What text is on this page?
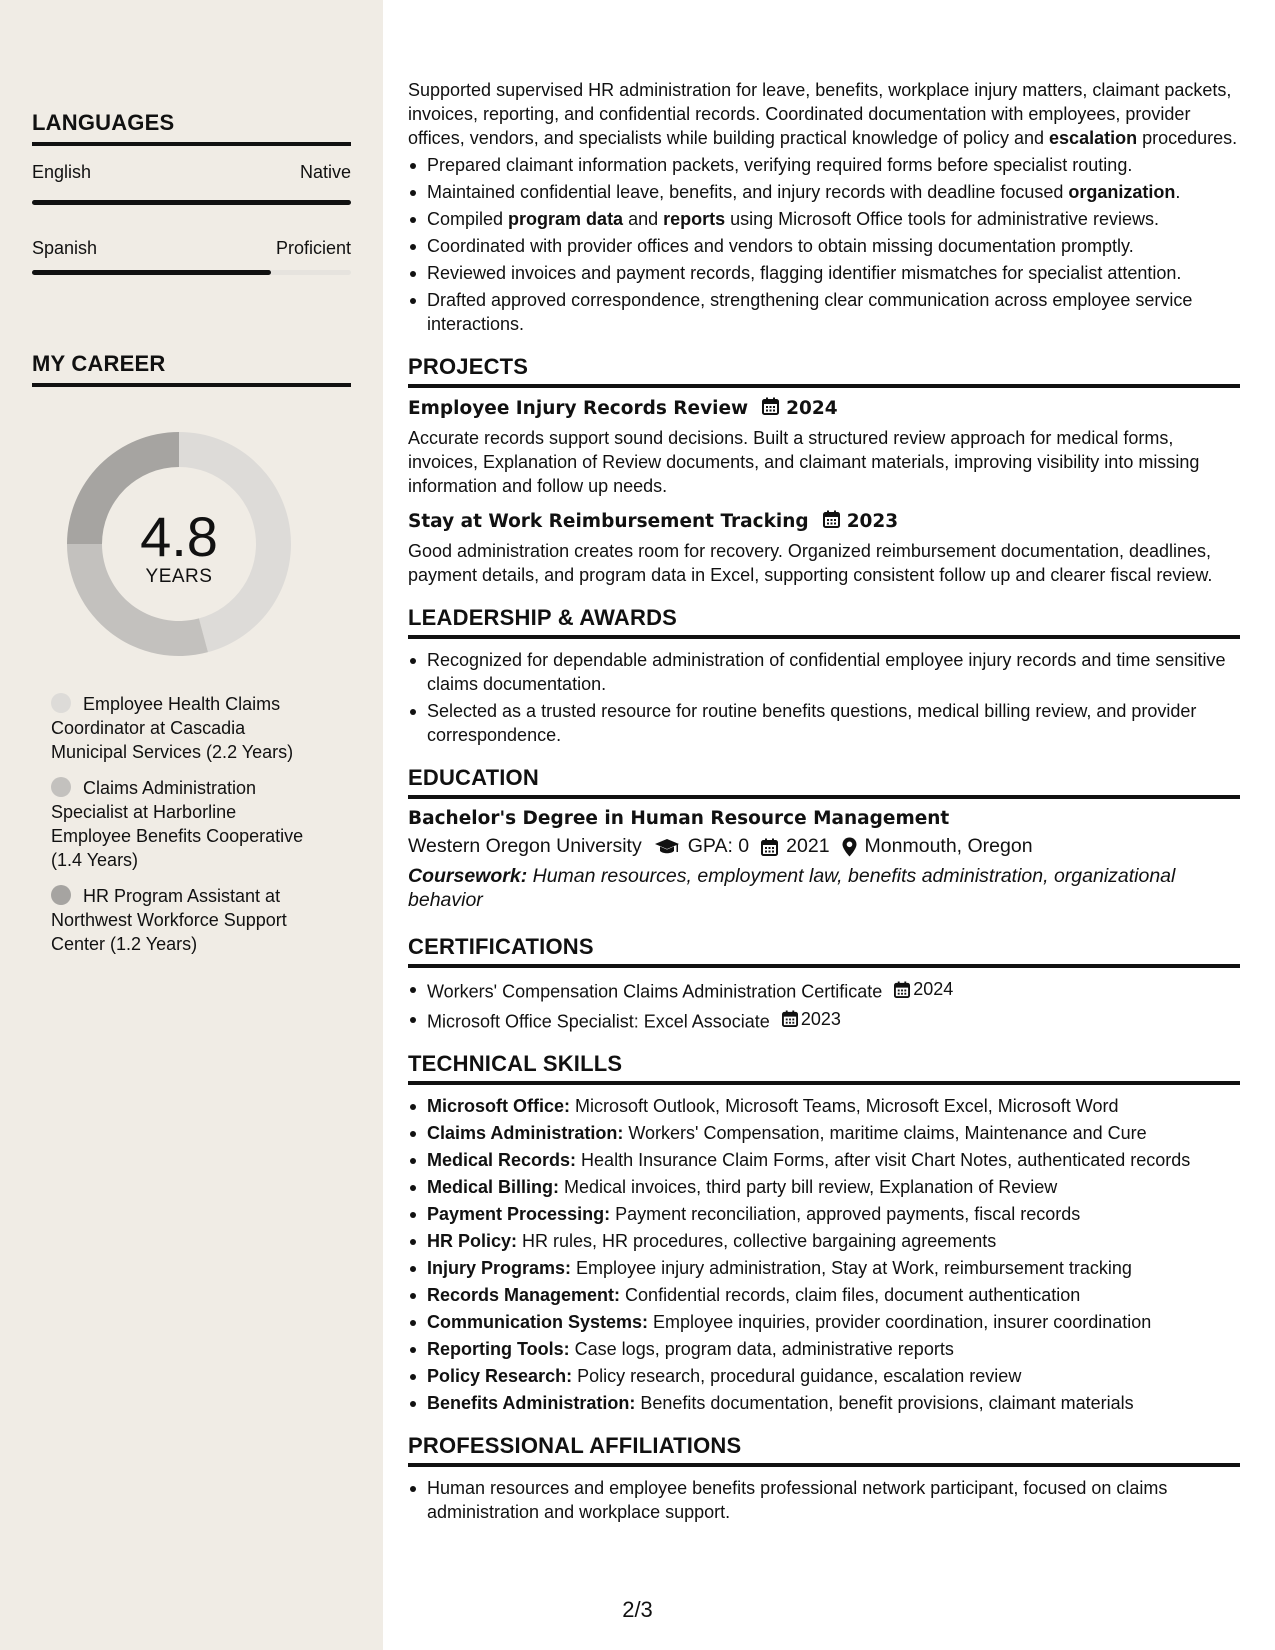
LANGUAGES
English	Native
Spanish	Proficient
MY CAREER
4.8
YEARS
Employee Health Claims Coordinator at Cascadia Municipal Services (2.2 Years)
Claims Administration Specialist at Harborline Employee Benefits Cooperative (1.4 Years)
HR Program Assistant at Northwest Workforce Support Center (1.2 Years)

Supported supervised HR administration for leave, benefits, workplace injury matters, claimant packets, invoices, reporting, and confidential records. Coordinated documentation with employees, provider offices, vendors, and specialists while building practical knowledge of policy and escalation procedures.

Prepared claimant information packets, verifying required forms before specialist routing.
Maintained confidential leave, benefits, and injury records with deadline focused organization.
Compiled program data and reports using Microsoft Office tools for administrative reviews.
Coordinated with provider offices and vendors to obtain missing documentation promptly.
Reviewed invoices and payment records, flagging identifier mismatches for specialist attention.
Drafted approved correspondence, strengthening clear communication across employee service interactions.
PROJECTS
Employee Injury Records Review 2024

Accurate records support sound decisions. Built a structured review approach for medical forms, invoices, Explanation of Review documents, and claimant materials, improving visibility into missing information and follow up needs.

Stay at Work Reimbursement Tracking 2023

Good administration creates room for recovery. Organized reimbursement documentation, deadlines, payment details, and program data in Excel, supporting consistent follow up and clearer fiscal review.

LEADERSHIP & AWARDS
Recognized for dependable administration of confidential employee injury records and time sensitive claims documentation.
Selected as a trusted resource for routine benefits questions, medical billing review, and provider correspondence.
EDUCATION
Bachelor's Degree in Human Resource Management
Western Oregon University GPA: 0 2021 Monmouth, Oregon
Coursework: Human resources, employment law, benefits administration, organizational behavior
CERTIFICATIONS
Workers' Compensation Claims Administration Certificate 2024
Microsoft Office Specialist: Excel Associate 2023
TECHNICAL SKILLS
Microsoft Office: Microsoft Outlook, Microsoft Teams, Microsoft Excel, Microsoft Word
Claims Administration: Workers' Compensation, maritime claims, Maintenance and Cure
Medical Records: Health Insurance Claim Forms, after visit Chart Notes, authenticated records
Medical Billing: Medical invoices, third party bill review, Explanation of Review
Payment Processing: Payment reconciliation, approved payments, fiscal records
HR Policy: HR rules, HR procedures, collective bargaining agreements
Injury Programs: Employee injury administration, Stay at Work, reimbursement tracking
Records Management: Confidential records, claim files, document authentication
Communication Systems: Employee inquiries, provider coordination, insurer coordination
Reporting Tools: Case logs, program data, administrative reports
Policy Research: Policy research, procedural guidance, escalation review
Benefits Administration: Benefits documentation, benefit provisions, claimant materials
PROFESSIONAL AFFILIATIONS
Human resources and employee benefits professional network participant, focused on claims administration and workplace support.
2/3
